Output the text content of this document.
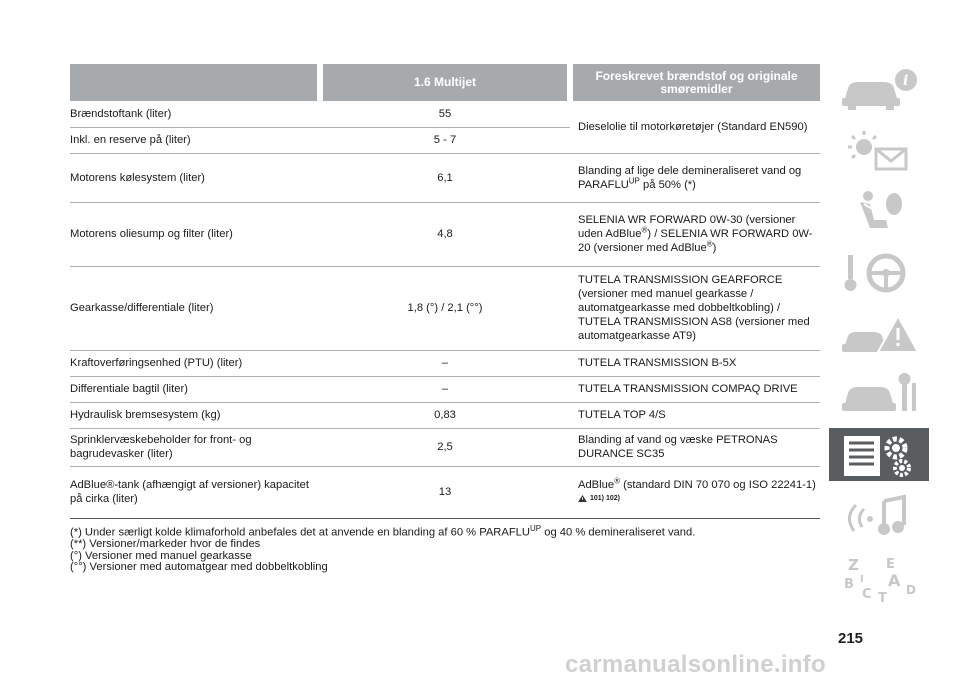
	1.6 Multijet	Foreskrevet brændstof og originale smøremidler
Brændstoftank (liter)	55	Dieselolie til motorkøretøjer (Standard EN590)
Inkl. en reserve på (liter)	5 - 7	
Motorens kølesystem (liter)	6,1	Blanding af lige dele demineraliseret vand og $PARAFLU^{UP}$ på 50% (*)
Motorens oliesump og filter (liter)	4,8	SELENIA WR FORWARD 0W-30 (versioner uden AdBlue®) / SELENIA WR FORWARD 0W-20 (versioner med AdBlue®)
Gearkasse/differentiale (liter)	1,8 (°) / 2,1 (°°)	TUTELA TRANSMISSION GEARFORCE (versioner med manuel gearkasse / automatgearkasse med dobbeltkobling) / TUTELA TRANSMISSION AS8 (versioner med automatgearkasse AT9)
Kraftoverføringsenhed (PTU) (liter)	–	TUTELA TRANSMISSION B-5X
Differentiale bagtil (liter)	–	TUTELA TRANSMISSION COMPAQ DRIVE
Hydraulisk bremsesystem (kg)	0,83	TUTELA TOP 4/S
Sprinklervæskebeholder for front- og bagrudevasker (liter)	2,5	Blanding af vand og væske PETRONAS DURANCE SC35
AdBlue®-tank (afhængigt af versioner) kapacitet på cirka (liter)	13	AdBlue® (standard DIN 70 070 og ISO 22241-1)
101) 102)
(*) Under særligt kolde klimaforhold anbefales det at anvende en blanding af 60 % $PARAFLU^{UP}$ og 40 % demineraliseret vand.
(**) Versioner/markeder hvor de findes
(°) Versioner med manuel gearkasse
(°°) Versioner med automatgear med dobbeltkobling
i
Z E
B A
C	D
T
I
215
carmanualsonline.info
